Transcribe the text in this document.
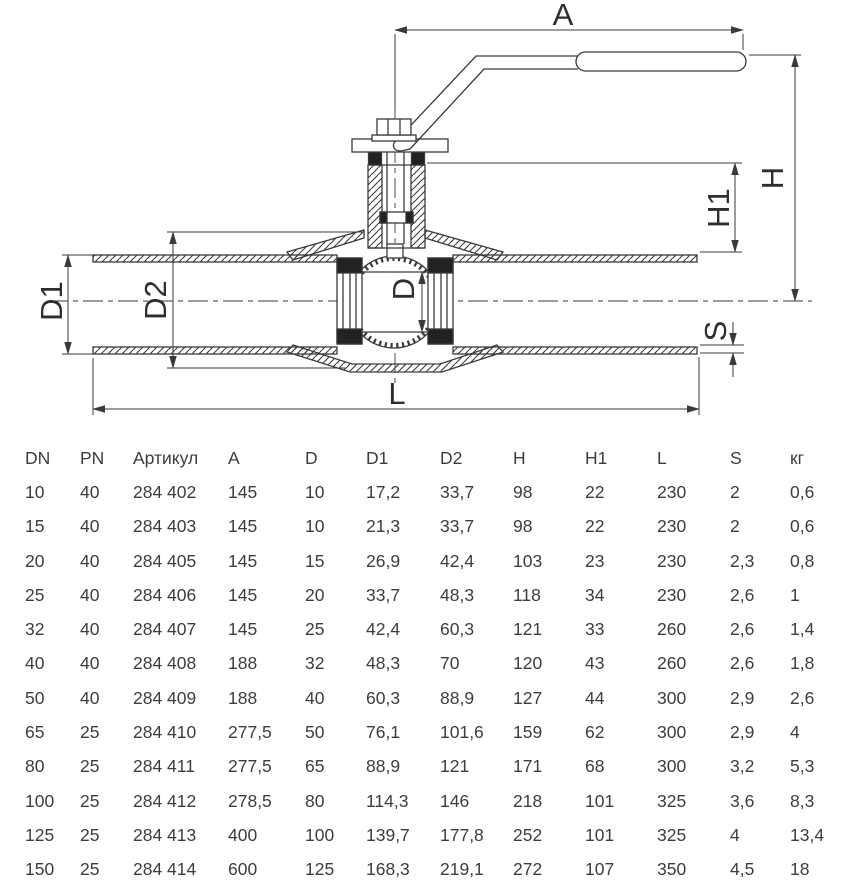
A
H
H1
S
D
D1 D2
L
DN	PN	Артикул	A	D	D1	D2	H	H1	L	S	кг
10	40	284 402	145	10	17,2	33,7	98	22	230	2	0,6
15	40	284 403	145	10	21,3	33,7	98	22	230	2	0,6
20	40	284 405	145	15	26,9	42,4	103	23	230	2,3	0,8
25	40	284 406	145	20	33,7	48,3	118	34	230	2,6	1
32	40	284 407	145	25	42,4	60,3	121	33	260	2,6	1,4
40	40	284 408	188	32	48,3	70	120	43	260	2,6	1,8
50	40	284 409	188	40	60,3	88,9	127	44	300	2,9	2,6
65	25	284 410	277,5	50	76,1	101,6	159	62	300	2,9	4
80	25	284 411	277,5	65	88,9	121	171	68	300	3,2	5,3
100	25	284 412	278,5	80	114,3	146	218	101	325	3,6	8,3
125	25	284 413	400	100	139,7	177,8	252	101	325	4	13,4
150	25	284 414	600	125	168,3	219,1	272	107	350	4,5	18
